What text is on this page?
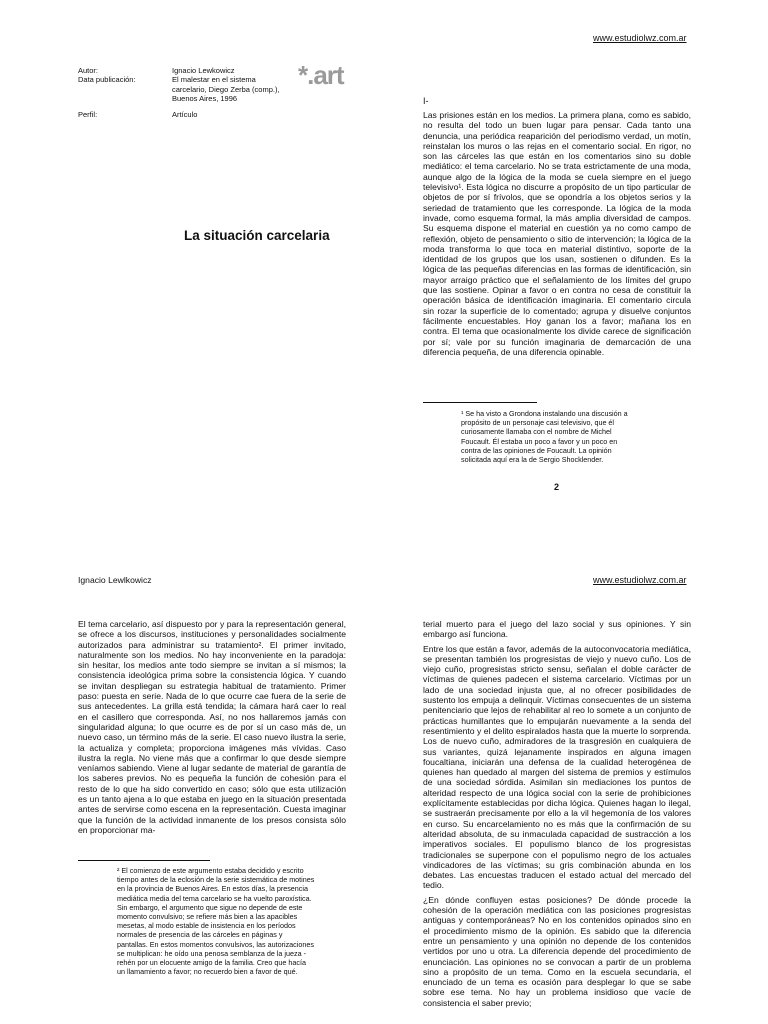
www.estudiolwz.com.ar
Autor:	Ignacio Lewkowicz
Data publicación:	El malestar en el sistema carcelario, Diego Zerba (comp.), Buenos Aires, 1996
Perfil:	Artículo
*.art
La situación carcelaria
I-
Las prisiones están en los medios. La primera plana, como es sabido, no resulta del todo un buen lugar para pensar. Cada tanto una denuncia, una periódica reaparición del periodismo verdad, un motín, reinstalan los muros o las rejas en el comentario social. En rigor, no son las cárceles las que están en los comentarios sino su doble mediático: el tema carcelario. No se trata estrictamente de una moda, aunque algo de la lógica de la moda se cuela siempre en el juego televisivo¹. Esta lógica no discurre a propósito de un tipo particular de objetos de por sí frívolos, que se opondría a los objetos serios y la seriedad de tratamiento que les corresponde. La lógica de la moda invade, como esquema formal, la más amplia diversidad de campos. Su esquema dispone el material en cuestión ya no como campo de reflexión, objeto de pensamiento o sitio de intervención; la lógica de la moda transforma lo que toca en material distintivo, soporte de la identidad de los grupos que los usan, sostienen o difunden. Es la lógica de las pequeñas diferencias en las formas de identificación, sin mayor arraigo práctico que el señalamiento de los límites del grupo que las sostiene. Opinar a favor o en contra no cesa de constituir la operación básica de identificación imaginaria. El comentario circula sin rozar la superficie de lo comentado; agrupa y disuelve conjuntos fácilmente encuestables. Hoy ganan los a favor; mañana los en contra. El tema que ocasionalmente los divide carece de significación por sí; vale por su función imaginaria de demarcación de una diferencia pequeña, de una diferencia opinable.
¹ Se ha visto a Grondona instalando una discusión a propósito de un personaje casi televisivo, que él curiosamente llamaba con el nombre de Michel Foucault. Él estaba un poco a favor y un poco en contra de las opiniones de Foucault. La opinión solicitada aquí era la de Sergio Shocklender.
2
Ignacio Lewlkowicz	www.estudiolwz.com.ar
El tema carcelario, así dispuesto por y para la representación general, se ofrece a los discursos, instituciones y personalidades socialmente autorizados para administrar su tratamiento². El primer invitado, naturalmente son los medios. No hay inconveniente en la paradoja: sin hesitar, los medios ante todo siempre se invitan a sí mismos; la consistencia ideológica prima sobre la consistencia lógica. Y cuando se invitan despliegan su estrategia habitual de tratamiento. Primer paso: puesta en serie. Nada de lo que ocurre cae fuera de la serie de sus antecedentes. La grilla está tendida; la cámara hará caer lo real en el casillero que corresponda. Así, no nos hallaremos jamás con singularidad alguna; lo que ocurre es de por sí un caso más de, un nuevo caso, un término más de la serie. El caso nuevo ilustra la serie, la actualiza y completa; proporciona imágenes más vívidas. Caso ilustra la regla. No viene más que a confirmar lo que desde siempre veníamos sabiendo. Viene al lugar sedante de material de garantía de los saberes previos. No es pequeña la función de cohesión para el resto de lo que ha sido convertido en caso; sólo que esta utilización es un tanto ajena a lo que estaba en juego en la situación presentada antes de servirse como escena en la representación. Cuesta imaginar que la función de la actividad inmanente de los presos consista sólo en proporcionar ma-
² El comienzo de este argumento estaba decidido y escrito tiempo antes de la eclosión de la serie sistemática de motines en la provincia de Buenos Aires. En estos días, la presencia mediática media del tema carcelario se ha vuelto paroxística. Sin embargo, el argumento que sigue no depende de este momento convulsivo; se refiere más bien a las apacibles mesetas, al modo estable de insistencia en los períodos normales de presencia de las cárceles en páginas y pantallas. En estos momentos convulsivos, las autorizaciones se multiplican: he oído una penosa semblanza de la jueza - rehén por un elocuente amigo de la familia. Creo que hacía un llamamiento a favor; no recuerdo bien a favor de qué.

terial muerto para el juego del lazo social y sus opiniones. Y sin embargo así funciona.

Entre los que están a favor, además de la autoconvocatoria mediática, se presentan también los progresistas de viejo y nuevo cuño. Los de viejo cuño, progresistas stricto sensu, señalan el doble carácter de víctimas de quienes padecen el sistema carcelario. Víctimas por un lado de una sociedad injusta que, al no ofrecer posibilidades de sustento los empuja a delinquir. Víctimas consecuentes de un sistema penitenciario que lejos de rehabilitar al reo lo somete a un conjunto de prácticas humillantes que lo empujarán nuevamente a la senda del resentimiento y el delito espiralados hasta que la muerte lo sorprenda. Los de nuevo cuño, admiradores de la trasgresión en cualquiera de sus variantes, quizá lejanamente inspirados en alguna imagen foucaltiana, iniciarán una defensa de la cualidad heterogénea de quienes han quedado al margen del sistema de premios y estímulos de una sociedad sórdida. Asimilan sin mediaciones los puntos de alteridad respecto de una lógica social con la serie de prohibiciones explícitamente establecidas por dicha lógica. Quienes hagan lo ilegal, se sustraerán precisamente por ello a la vil hegemonía de los valores en curso. Su encarcelamiento no es más que la confirmación de su alteridad absoluta, de su inmaculada capacidad de sustracción a los imperativos sociales. El populismo blanco de los progresistas tradicionales se superpone con el populismo negro de los actuales vindicadores de las víctimas; su gris combinación abunda en los debates. Las encuestas traducen el estado actual del mercado del tedio.

¿En dónde confluyen estas posiciones? De dónde procede la cohesión de la operación mediática con las posiciones progresistas antiguas y contemporáneas? No en los contenidos opinados sino en el procedimiento mismo de la opinión. Es sabido que la diferencia entre un pensamiento y una opinión no depende de los contenidos vertidos por uno u otra. La diferencia depende del procedimiento de enunciación. Las opiniones no se convocan a partir de un problema sino a propósito de un tema. Como en la escuela secundaria, el enunciado de un tema es ocasión para desplegar lo que se sabe sobre ese tema. No hay un problema insidioso que vacíe de consistencia el saber previo;
